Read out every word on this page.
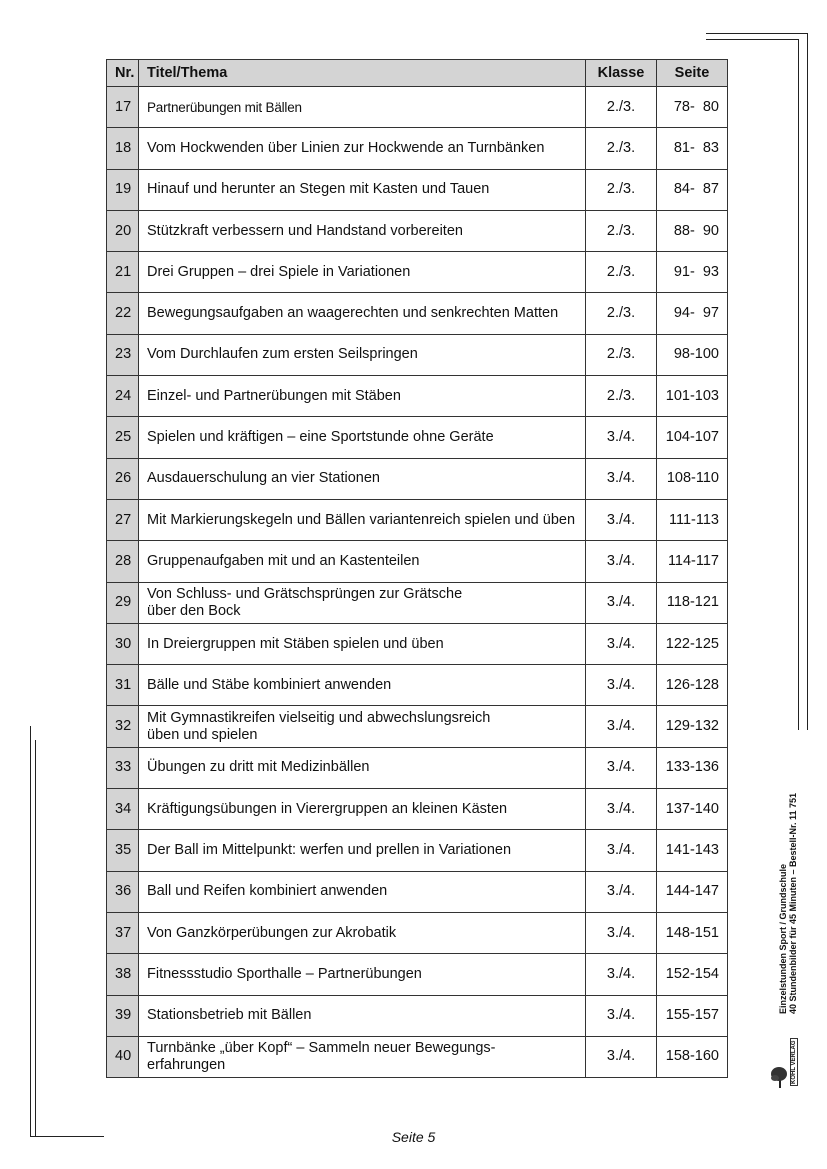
Nr.	Titel/Thema	Klasse	Seite
17	Partnerübungen mit Bällen	2./3.	78-  80
18	Vom Hockwenden über Linien zur Hockwende an Turnbänken	2./3.	81-  83
19	Hinauf und herunter an Stegen mit Kasten und Tauen	2./3.	84-  87
20	Stützkraft verbessern und Handstand vorbereiten	2./3.	88-  90
21	Drei Gruppen – drei Spiele in Variationen	2./3.	91-  93
22	Bewegungsaufgaben an waagerechten und senkrechten Matten	2./3.	94-  97
23	Vom Durchlaufen zum ersten Seilspringen	2./3.	98-100
24	Einzel- und Partnerübungen mit Stäben	2./3.	101-103
25	Spielen und kräftigen – eine Sportstunde ohne Geräte	3./4.	104-107
26	Ausdauerschulung an vier Stationen	3./4.	108-110
27	Mit Markierungskegeln und Bällen variantenreich spielen und üben	3./4.	111-113
28	Gruppenaufgaben mit und an Kastenteilen	3./4.	114-117
29	Von Schluss- und Grätschsprüngen zur Grätsche
über den Bock	3./4.	118-121
30	In Dreiergruppen mit Stäben spielen und üben	3./4.	122-125
31	Bälle und Stäbe kombiniert anwenden	3./4.	126-128
32	Mit Gymnastikreifen vielseitig und abwechslungsreich
üben und spielen	3./4.	129-132
33	Übungen zu dritt mit Medizinbällen	3./4.	133-136
34	Kräftigungsübungen in Vierergruppen an kleinen Kästen	3./4.	137-140
35	Der Ball im Mittelpunkt: werfen und prellen in Variationen	3./4.	141-143
36	Ball und Reifen kombiniert anwenden	3./4.	144-147
37	Von Ganzkörperübungen zur Akrobatik	3./4.	148-151
38	Fitnessstudio Sporthalle – Partnerübungen	3./4.	152-154
39	Stationsbetrieb mit Bällen	3./4.	155-157
40	Turnbänke „über Kopf“ – Sammeln neuer Bewegungs-
erfahrungen	3./4.	158-160
Seite 5
Einzelstunden Sport / Grundschule 40 Stundenbilder für 45 Minuten – Bestell-Nr. 11 751
KOHL VERLAG
